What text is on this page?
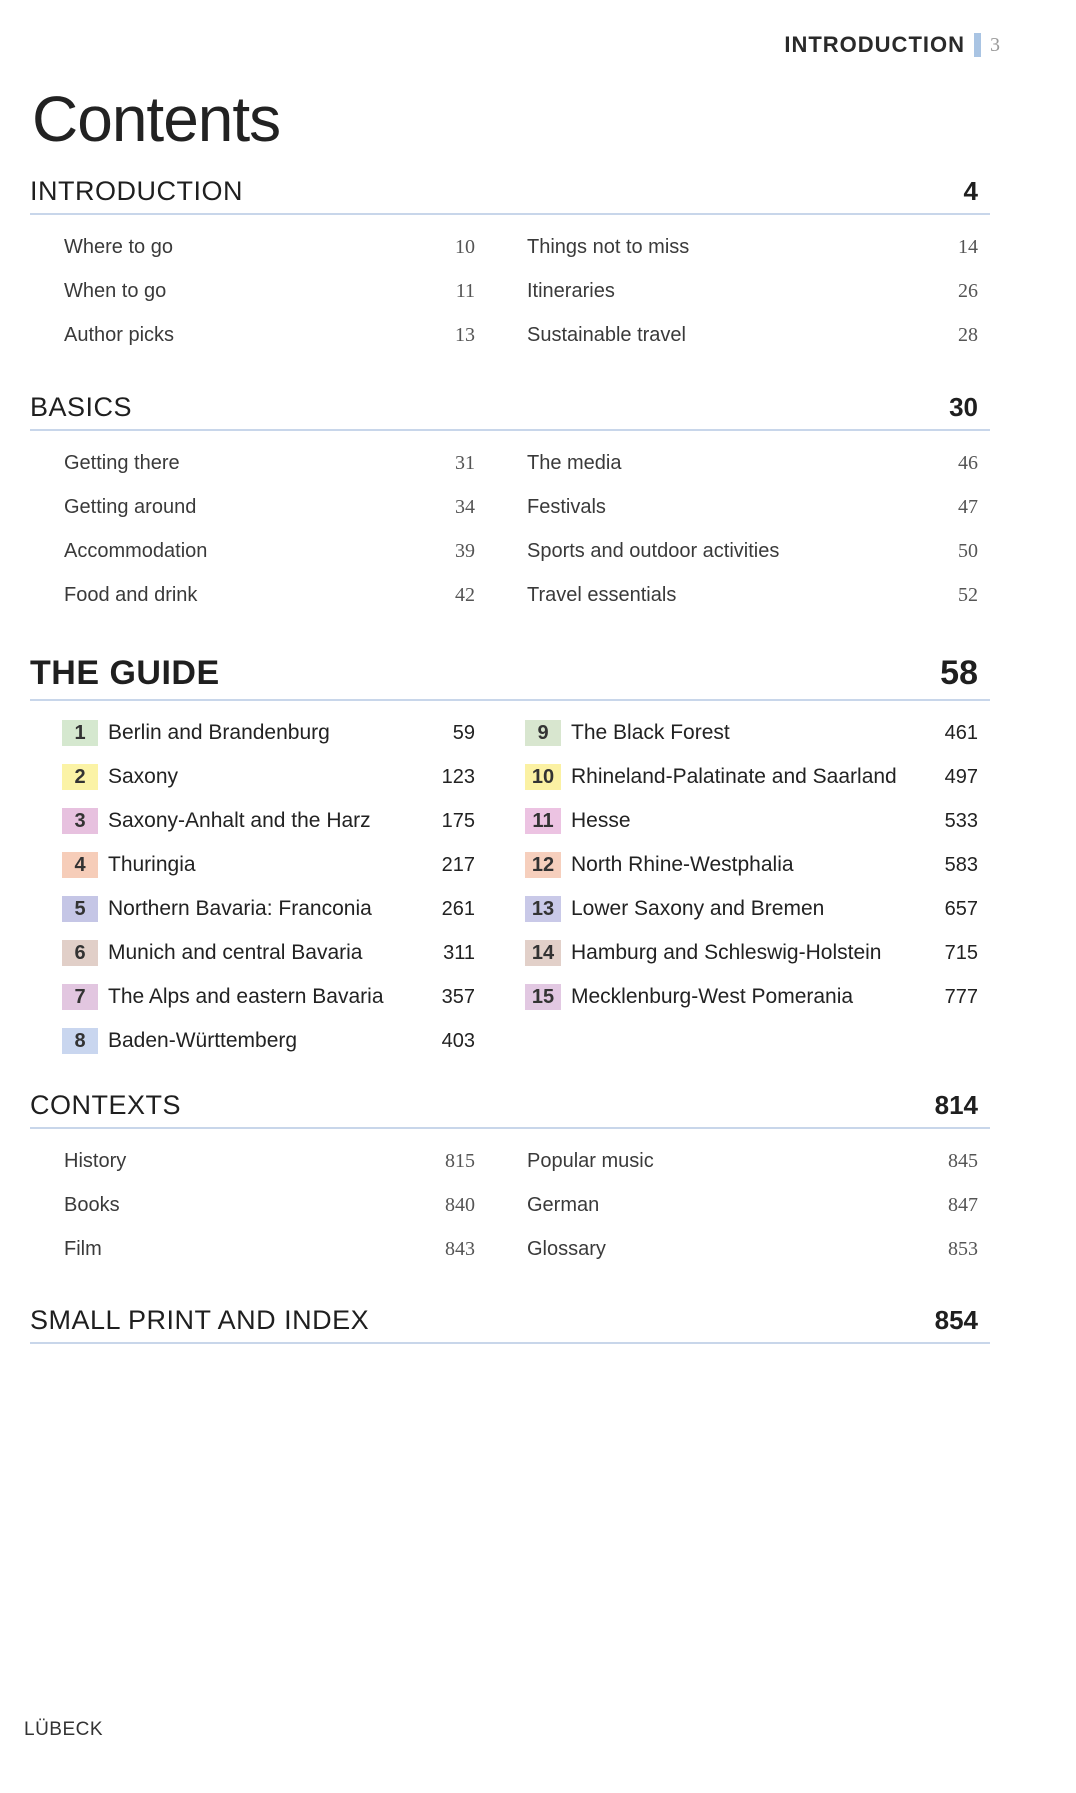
INTRODUCTION 3
Contents
INTRODUCTION	4
Where to go	10
When to go	11
Author picks	13
Things not to miss	14
Itineraries	26
Sustainable travel	28
BASICS	30
Getting there	31
Getting around	34
Accommodation	39
Food and drink	42
The media	46
Festivals	47
Sports and outdoor activities	50
Travel essentials	52
THE GUIDE	58
1	Berlin and Brandenburg	59
2	Saxony	123
3	Saxony-Anhalt and the Harz	175
4	Thuringia	217
5	Northern Bavaria: Franconia	261
6	Munich and central Bavaria	311
7	The Alps and eastern Bavaria	357
8	Baden-Württemberg	403
9	The Black Forest	461
10 Rhineland-Palatinate and Saarland 497
11 Hesse	533
12 North Rhine-Westphalia	583
13 Lower Saxony and Bremen	657
14 Hamburg and Schleswig-Holstein	715
15 Mecklenburg-West Pomerania	777
CONTEXTS	814
History	815
Books	840
Film	843
Popular music	845
German	847
Glossary	853
SMALL PRINT AND INDEX	854
LÜBECK
